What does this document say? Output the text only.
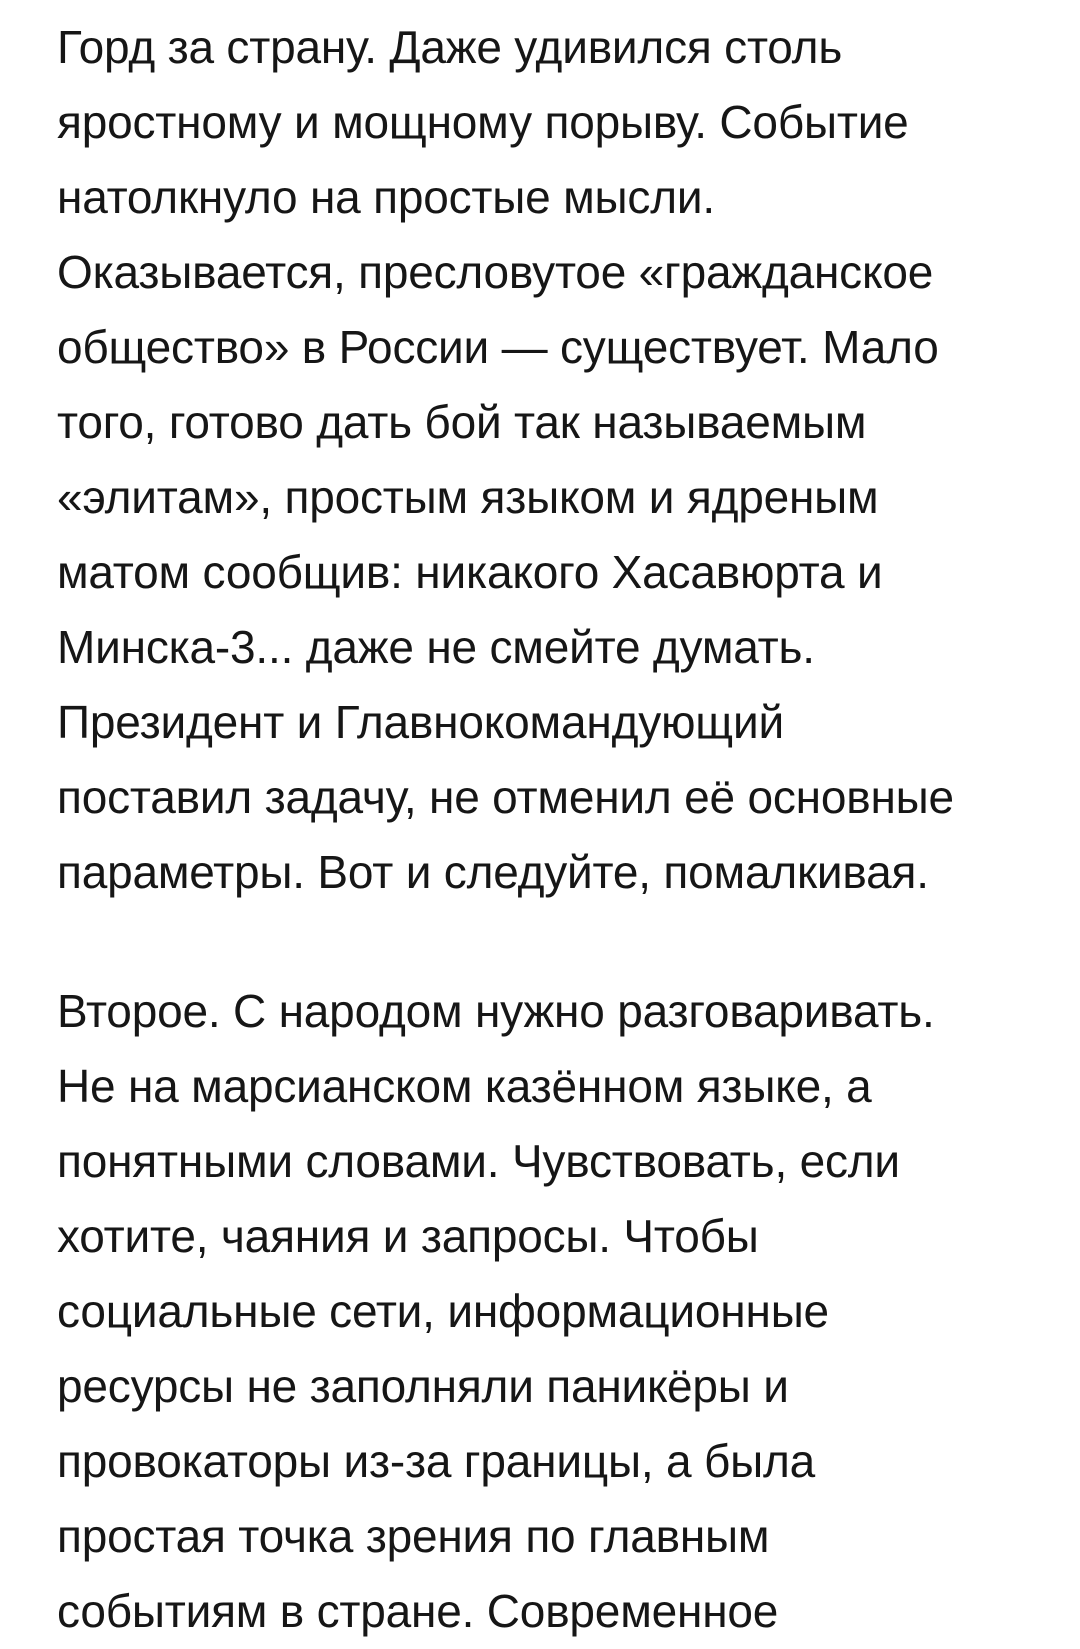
Горд за страну. Даже удивился столь
яростному и мощному порыву. Событие
натолкнуло на простые мысли.
Оказывается, пресловутое «гражданское
общество» в России — существует. Мало
того, готово дать бой так называемым
«элитам», простым языком и ядреным
матом сообщив: никакого Хасавюрта и
Минска-3... даже не смейте думать.
Президент и Главнокомандующий
поставил задачу, не отменил её основные
параметры. Вот и следуйте, помалкивая.
Второе. С народом нужно разговаривать.
Не на марсианском казённом языке, а
понятными словами. Чувствовать, если
хотите, чаяния и запросы. Чтобы
социальные сети, информационные
ресурсы не заполняли паникёры и
провокаторы из-за границы, а была
простая точка зрения по главным
событиям в стране. Современное
